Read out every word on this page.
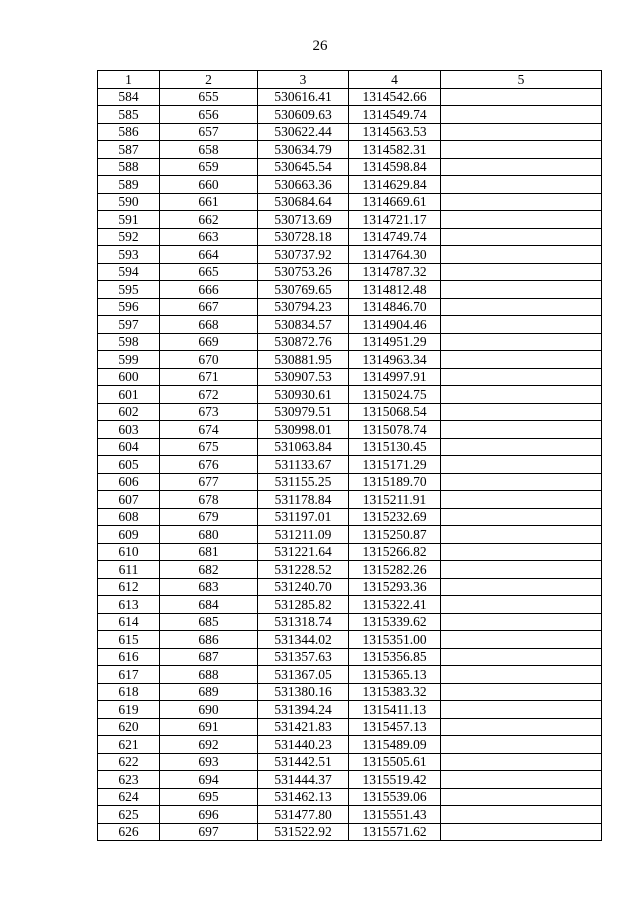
26
1	2	3	4	5
584	655	530616.41	1314542.66	
585	656	530609.63	1314549.74	
586	657	530622.44	1314563.53	
587	658	530634.79	1314582.31	
588	659	530645.54	1314598.84	
589	660	530663.36	1314629.84	
590	661	530684.64	1314669.61	
591	662	530713.69	1314721.17	
592	663	530728.18	1314749.74	
593	664	530737.92	1314764.30	
594	665	530753.26	1314787.32	
595	666	530769.65	1314812.48	
596	667	530794.23	1314846.70	
597	668	530834.57	1314904.46	
598	669	530872.76	1314951.29	
599	670	530881.95	1314963.34	
600	671	530907.53	1314997.91	
601	672	530930.61	1315024.75	
602	673	530979.51	1315068.54	
603	674	530998.01	1315078.74	
604	675	531063.84	1315130.45	
605	676	531133.67	1315171.29	
606	677	531155.25	1315189.70	
607	678	531178.84	1315211.91	
608	679	531197.01	1315232.69	
609	680	531211.09	1315250.87	
610	681	531221.64	1315266.82	
611	682	531228.52	1315282.26	
612	683	531240.70	1315293.36	
613	684	531285.82	1315322.41	
614	685	531318.74	1315339.62	
615	686	531344.02	1315351.00	
616	687	531357.63	1315356.85	
617	688	531367.05	1315365.13	
618	689	531380.16	1315383.32	
619	690	531394.24	1315411.13	
620	691	531421.83	1315457.13	
621	692	531440.23	1315489.09	
622	693	531442.51	1315505.61	
623	694	531444.37	1315519.42	
624	695	531462.13	1315539.06	
625	696	531477.80	1315551.43	
626	697	531522.92	1315571.62	
